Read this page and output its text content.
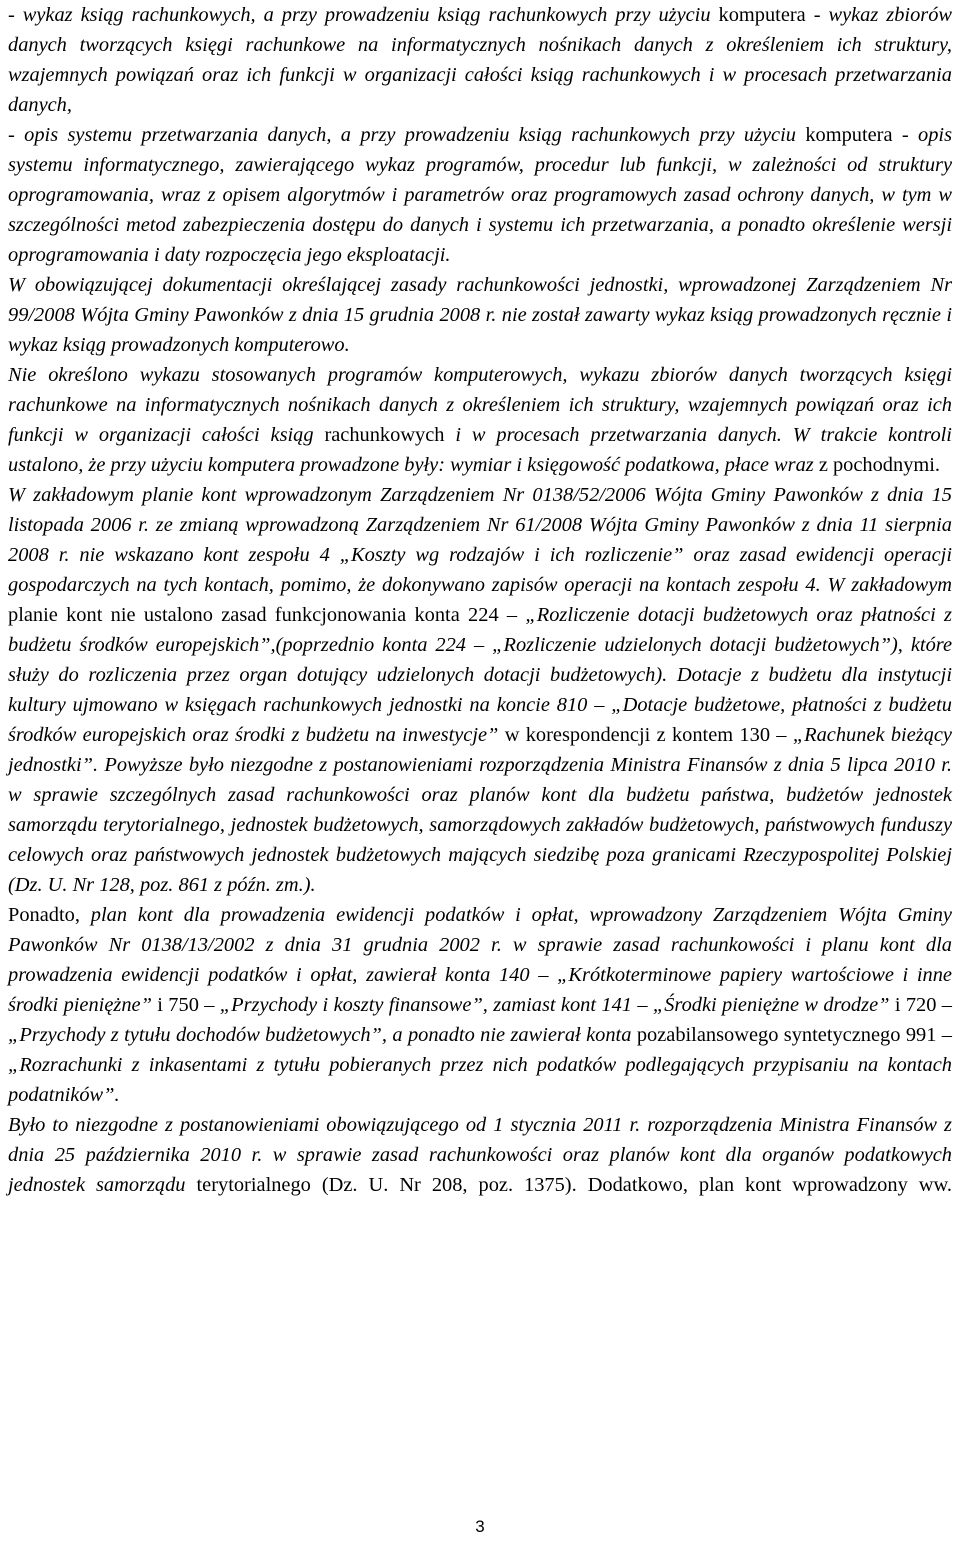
- wykaz ksiąg rachunkowych, a przy prowadzeniu ksiąg rachunkowych przy użyciu komputera - wykaz zbiorów danych tworzących księgi rachunkowe na informatycznych nośnikach danych z określeniem ich struktury, wzajemnych powiązań oraz ich funkcji w organizacji całości ksiąg rachunkowych i w procesach przetwarzania danych,

- opis systemu przetwarzania danych, a przy prowadzeniu ksiąg rachunkowych przy użyciu komputera - opis systemu informatycznego, zawierającego wykaz programów, procedur lub funkcji, w zależności od struktury oprogramowania, wraz z opisem algorytmów i parametrów oraz programowych zasad ochrony danych, w tym w szczególności metod zabezpieczenia dostępu do danych i systemu ich przetwarzania, a ponadto określenie wersji oprogramowania i daty rozpoczęcia jego eksploatacji.

W obowiązującej dokumentacji określającej zasady rachunkowości jednostki, wprowadzonej Zarządzeniem Nr 99/2008 Wójta Gminy Pawonków z dnia 15 grudnia 2008 r. nie został zawarty wykaz ksiąg prowadzonych ręcznie i wykaz ksiąg prowadzonych komputerowo.

Nie określono wykazu stosowanych programów komputerowych, wykazu zbiorów danych tworzących księgi rachunkowe na informatycznych nośnikach danych z określeniem ich struktury, wzajemnych powiązań oraz ich funkcji w organizacji całości ksiąg rachunkowych i w procesach przetwarzania danych. W trakcie kontroli ustalono, że przy użyciu komputera prowadzone były: wymiar i księgowość podatkowa, płace wraz z pochodnymi.

W zakładowym planie kont wprowadzonym Zarządzeniem Nr 0138/52/2006 Wójta Gminy Pawonków z dnia 15 listopada 2006 r. ze zmianą wprowadzoną Zarządzeniem Nr 61/2008 Wójta Gminy Pawonków z dnia 11 sierpnia 2008 r. nie wskazano kont zespołu 4 „Koszty wg rodzajów i ich rozliczenie” oraz zasad ewidencji operacji gospodarczych na tych kontach, pomimo, że dokonywano zapisów operacji na kontach zespołu 4. W zakładowym planie kont nie ustalono zasad funkcjonowania konta 224 – „Rozliczenie dotacji budżetowych oraz płatności z budżetu środków europejskich”,(poprzednio konta 224 – „Rozliczenie udzielonych dotacji budżetowych”), które służy do rozliczenia przez organ dotujący udzielonych dotacji budżetowych). Dotacje z budżetu dla instytucji kultury ujmowano w księgach rachunkowych jednostki na koncie 810 – „Dotacje budżetowe, płatności z budżetu środków europejskich oraz środki z budżetu na inwestycje” w korespondencji z kontem 130 – „Rachunek bieżący jednostki”. Powyższe było niezgodne z postanowieniami rozporządzenia Ministra Finansów z dnia 5 lipca 2010 r. w sprawie szczególnych zasad rachunkowości oraz planów kont dla budżetu państwa, budżetów jednostek samorządu terytorialnego, jednostek budżetowych, samorządowych zakładów budżetowych, państwowych funduszy celowych oraz państwowych jednostek budżetowych mających siedzibę poza granicami Rzeczypospolitej Polskiej (Dz. U. Nr 128, poz. 861 z późn. zm.).

Ponadto, plan kont dla prowadzenia ewidencji podatków i opłat, wprowadzony Zarządzeniem Wójta Gminy Pawonków Nr 0138/13/2002 z dnia 31 grudnia 2002 r. w sprawie zasad rachunkowości i planu kont dla prowadzenia ewidencji podatków i opłat, zawierał konta 140 – „Krótkoterminowe papiery wartościowe i inne środki pieniężne” i 750 – „Przychody i koszty finansowe”, zamiast kont 141 – „Środki pieniężne w drodze” i 720 – „Przychody z tytułu dochodów budżetowych”, a ponadto nie zawierał konta pozabilansowego syntetycznego 991 – „Rozrachunki z inkasentami z tytułu pobieranych przez nich podatków podlegających przypisaniu na kontach podatników”.

Było to niezgodne z postanowieniami obowiązującego od 1 stycznia 2011 r. rozporządzenia Ministra Finansów z dnia 25 października 2010 r. w sprawie zasad rachunkowości oraz planów kont dla organów podatkowych jednostek samorządu terytorialnego (Dz. U. Nr 208, poz. 1375). Dodatkowo, plan kont wprowadzony ww.

3
